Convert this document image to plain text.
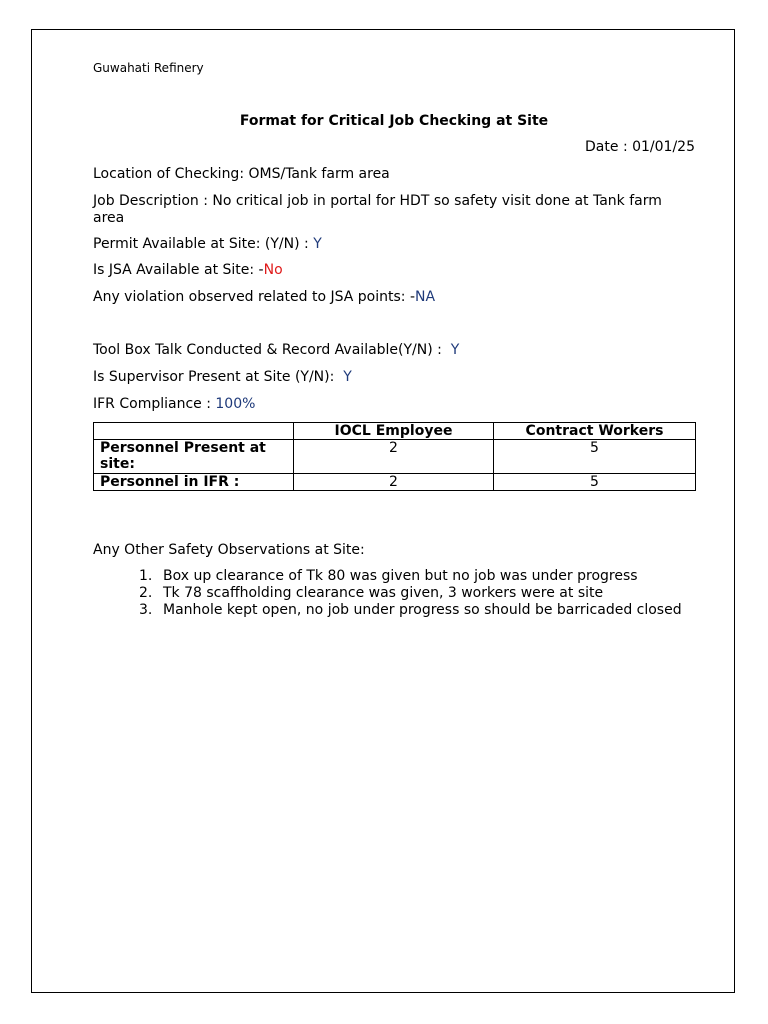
Guwahati Refinery
Format for Critical Job Checking at Site
Date : 01/01/25
Location of Checking: OMS/Tank farm area
Job Description : No critical job in portal for HDT so safety visit done at Tank farm area
Permit Available at Site: (Y/N) : Y
Is JSA Available at Site: -No
Any violation observed related to JSA points: -NA
Tool Box Talk Conducted & Record Available(Y/N) :  Y
Is Supervisor Present at Site (Y/N):  Y
IFR Compliance : 100%
	IOCL Employee	Contract Workers
Personnel Present at site:	2	5
Personnel in IFR :	2	5
Any Other Safety Observations at Site:
1. Box up clearance of Tk 80 was given but no job was under progress
2. Tk 78 scaffholding clearance was given, 3 workers were at site
3. Manhole kept open, no job under progress so should be barricaded closed
